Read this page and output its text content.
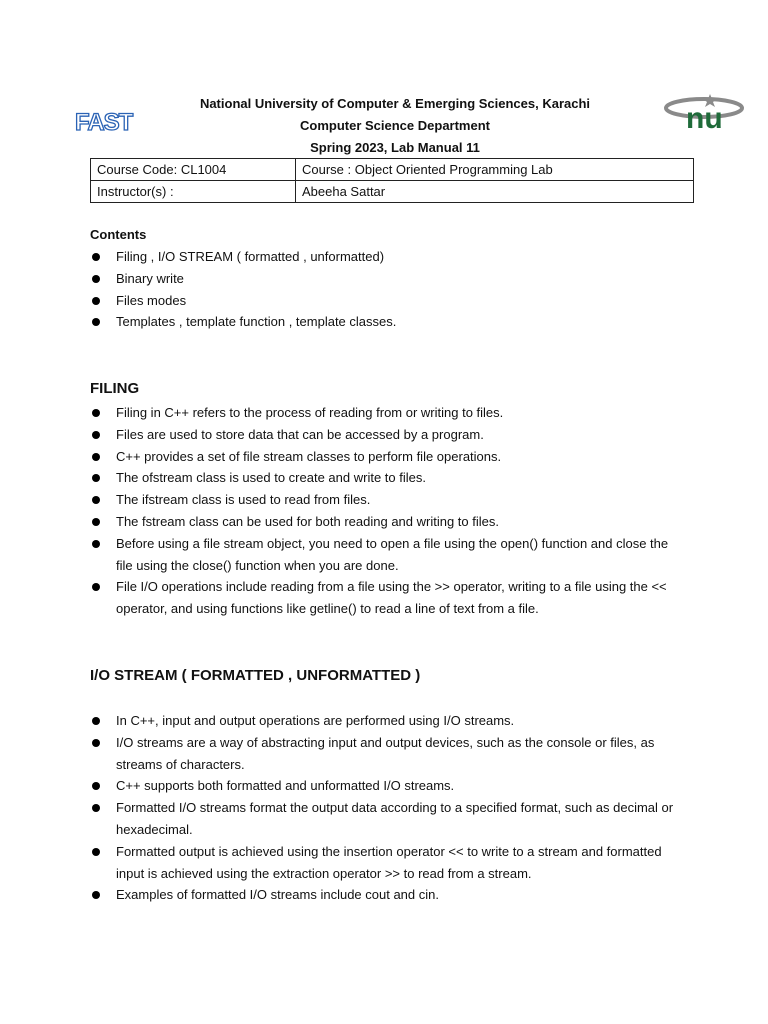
FAST	nu
National University of Computer & Emerging Sciences, Karachi
Computer Science Department
Spring 2023, Lab Manual 11
Course Code: CL1004	Course : Object Oriented Programming Lab
Instructor(s) :	Abeeha Sattar
Contents
Filing , I/O STREAM ( formatted , unformatted)
Binary write
Files modes
Templates , template function , template classes.
FILING
Filing in C++ refers to the process of reading from or writing to files.
Files are used to store data that can be accessed by a program.
C++ provides a set of file stream classes to perform file operations.
The ofstream class is used to create and write to files.
The ifstream class is used to read from files.
The fstream class can be used for both reading and writing to files.
Before using a file stream object, you need to open a file using the open() function and close the file using the close() function when you are done.
File I/O operations include reading from a file using the >> operator, writing to a file using the << operator, and using functions like getline() to read a line of text from a file.
I/O STREAM ( FORMATTED , UNFORMATTED )
In C++, input and output operations are performed using I/O streams.
I/O streams are a way of abstracting input and output devices, such as the console or files, as streams of characters.
C++ supports both formatted and unformatted I/O streams.
Formatted I/O streams format the output data according to a specified format, such as decimal or hexadecimal.
Formatted output is achieved using the insertion operator << to write to a stream and formatted input is achieved using the extraction operator >> to read from a stream.
Examples of formatted I/O streams include cout and cin.
